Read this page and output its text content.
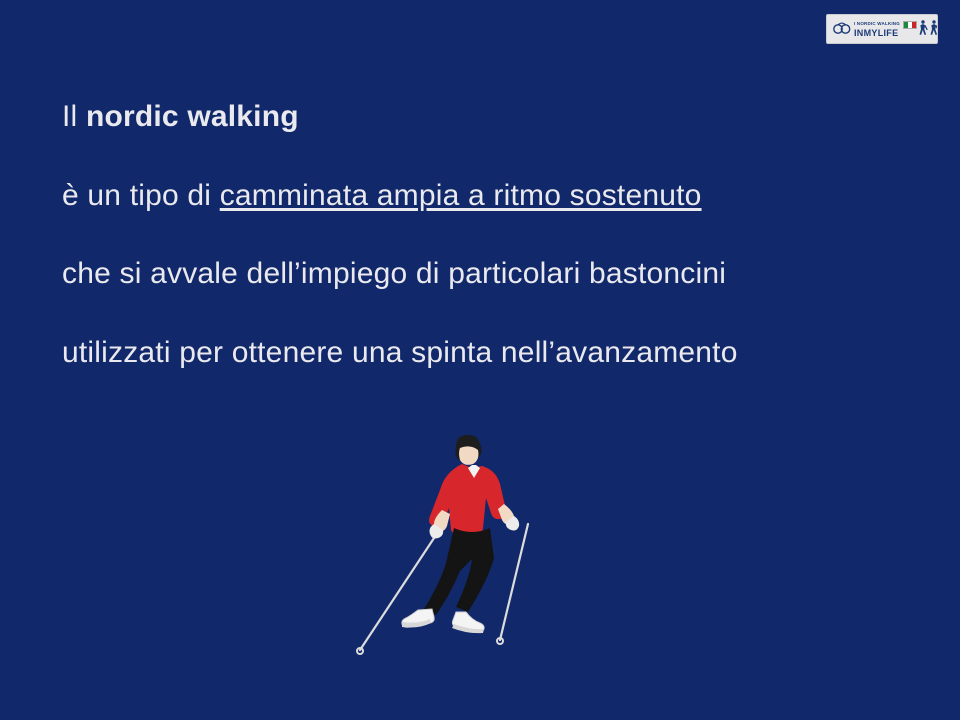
I NORDIC WALKING
INMYLIFE
Il nordic walking
è un tipo di camminata ampia a ritmo sostenuto
che si avvale dell’impiego di particolari bastoncini
utilizzati per ottenere una spinta nell’avanzamento
